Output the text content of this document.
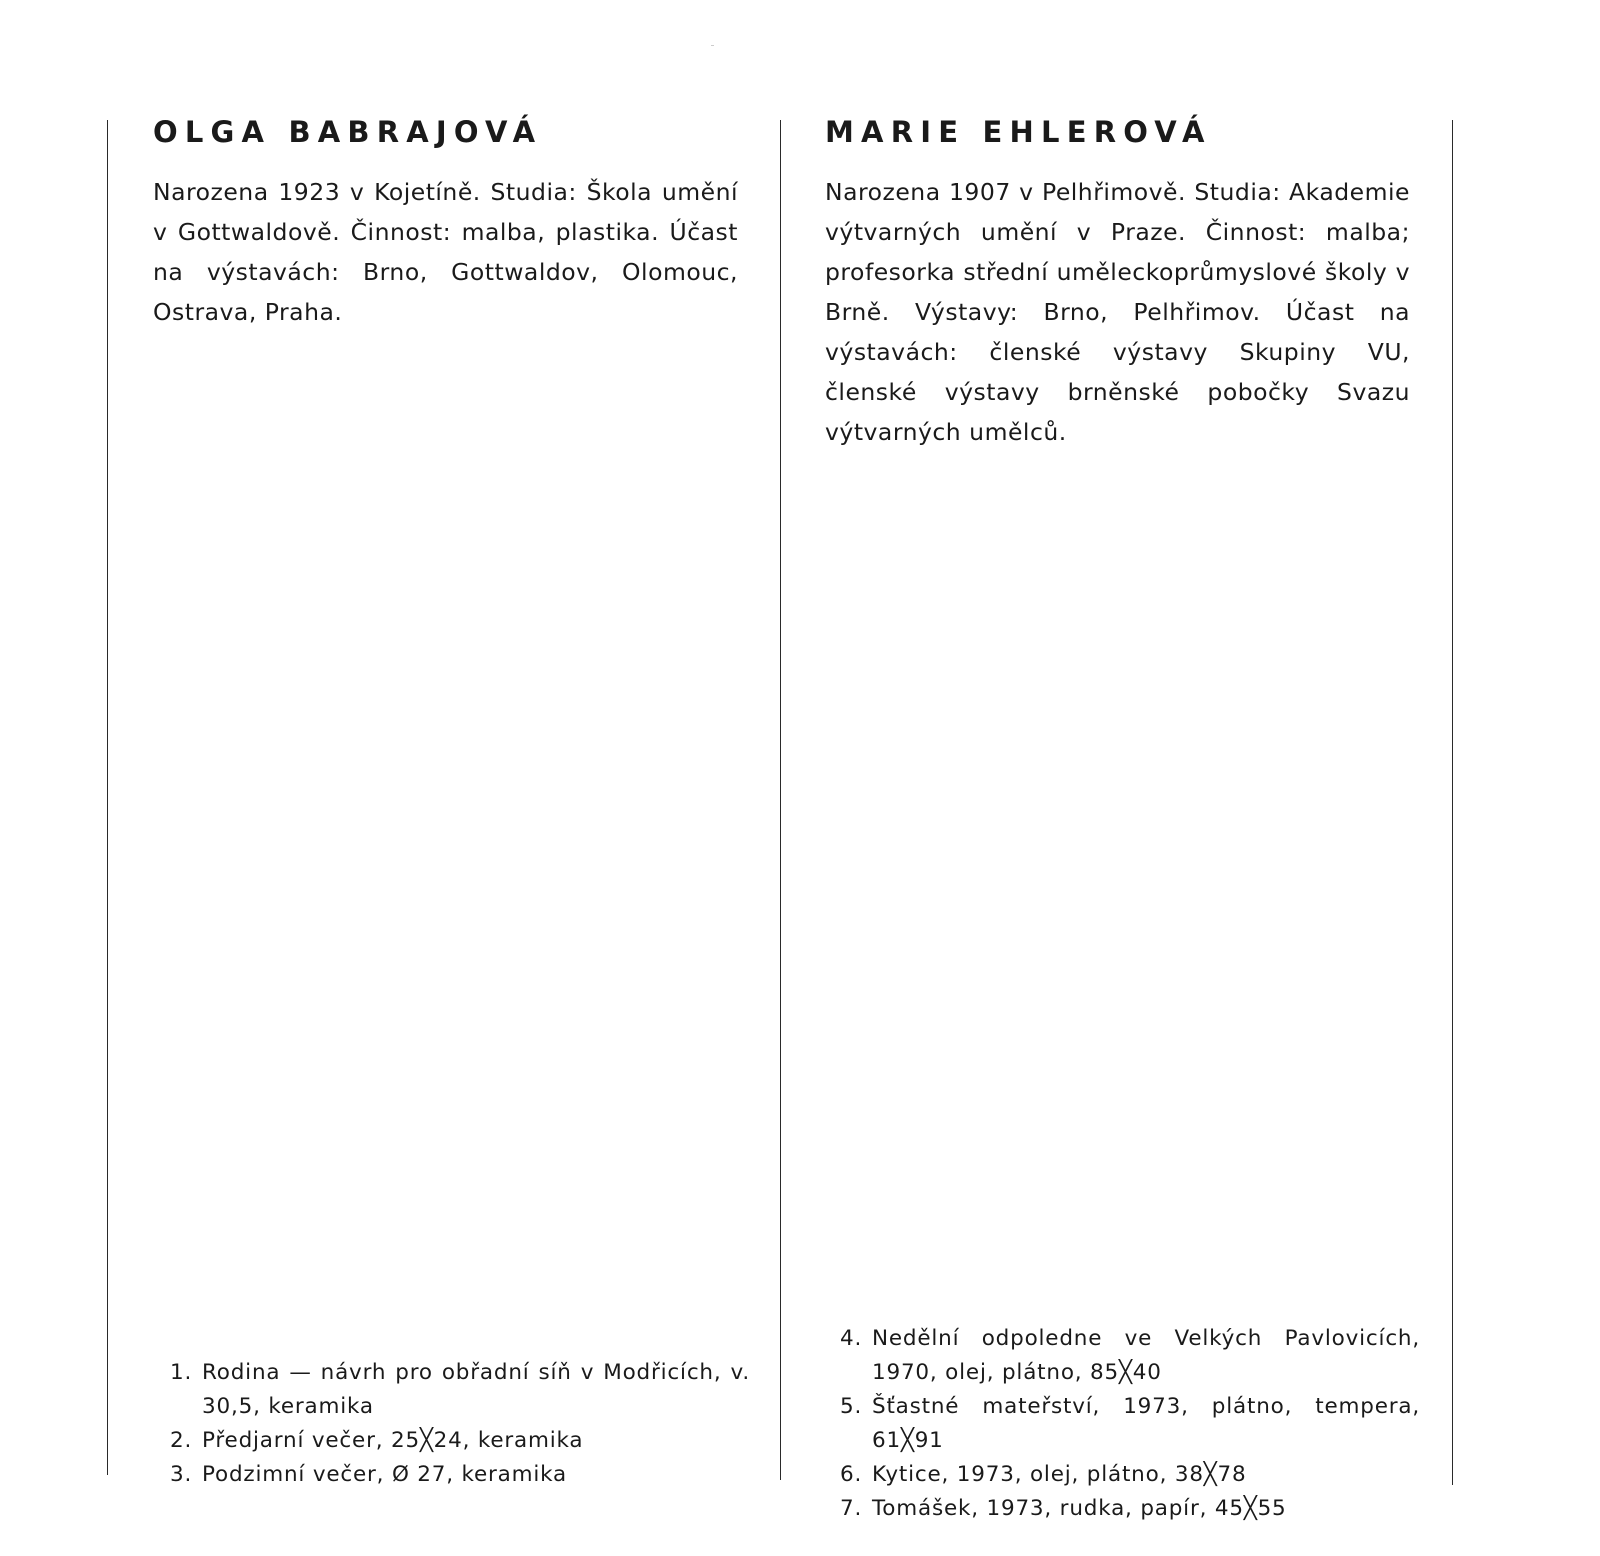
OLGA BABRAJOVÁ

Narozena 1923 v Kojetíně. Studia: Škola umění v Gottwaldově. Činnost: malba, plastika. Účast na výstavách: Brno, Gottwaldov, Olomouc, Ostrava, Praha.

1. Rodina — návrh pro obřadní síň v Modřicích, v. 30,5, keramika
2. Předjarní večer, 25╳24, keramika
3. Podzimní večer, Ø 27, keramika
MARIE EHLEROVÁ

Narozena 1907 v Pelhřimově. Studia: Akademie výtvarných umění v Praze. Činnost: malba; profesorka střední uměleckoprůmyslové školy v Brně. Výstavy: Brno, Pelhřimov. Účast na výstavách: členské výstavy Skupiny VU, členské výstavy brněnské pobočky Svazu výtvarných umělců.

4. Nedělní odpoledne ve Velkých Pavlovicích, 1970, olej, plátno, 85╳40
5. Šťastné mateřství, 1973, plátno, tempera, 61╳91
6. Kytice, 1973, olej, plátno, 38╳78
7. Tomášek, 1973, rudka, papír, 45╳55
